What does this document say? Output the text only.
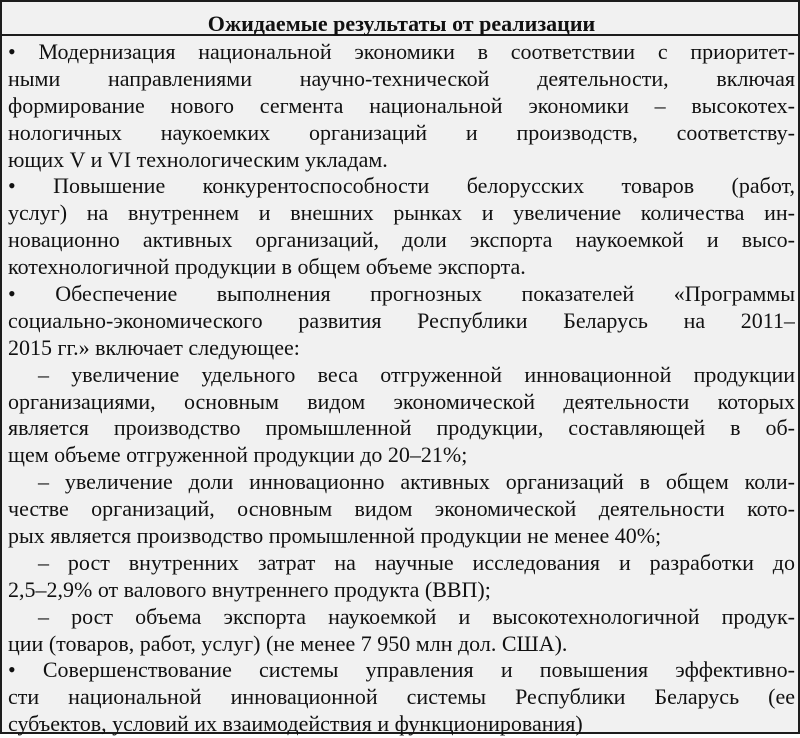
Ожидаемые результаты от реализации
• Модернизация национальной экономики в соответствии с приоритет-
ными направлениями научно-технической деятельности, включая
формирование нового сегмента национальной экономики – высокотех-
нологичных наукоемких организаций и производств, соответству-
ющих V и VI технологическим укладам.
• Повышение конкурентоспособности белорусских товаров (работ,
услуг) на внутреннем и внешних рынках и увеличение количества ин-
новационно активных организаций, доли экспорта наукоемкой и высо-
котехнологичной продукции в общем объеме экспорта.
• Обеспечение выполнения прогнозных показателей «Программы
социально-экономического развития Республики Беларусь на 2011–
2015 гг.» включает следующее:
– увеличение удельного веса отгруженной инновационной продукции
организациями, основным видом экономической деятельности которых
является производство промышленной продукции, составляющей в об-
щем объеме отгруженной продукции до 20–21%;
– увеличение доли инновационно активных организаций в общем коли-
честве организаций, основным видом экономической деятельности кото-
рых является производство промышленной продукции не менее 40%;
– рост внутренних затрат на научные исследования и разработки до
2,5–2,9% от валового внутреннего продукта (ВВП);
– рост объема экспорта наукоемкой и высокотехнологичной продук-
ции (товаров, работ, услуг) (не менее 7 950 млн дол. США).
• Совершенствование системы управления и повышения эффективно-
сти национальной инновационной системы Республики Беларусь (ее
субъектов, условий их взаимодействия и функционирования)
